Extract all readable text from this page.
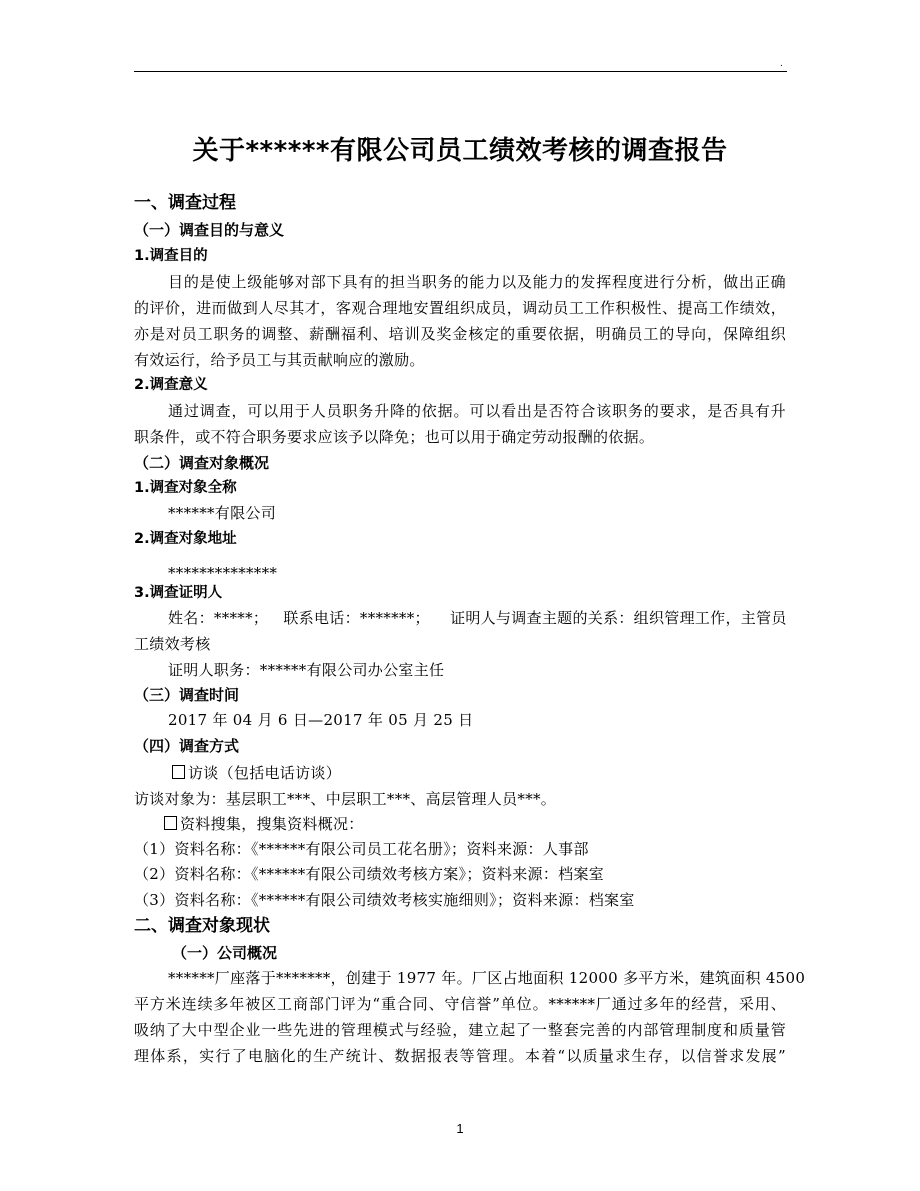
.
关于******有限公司员工绩效考核的调查报告
一、调查过程
（一）调查目的与意义
1.调查目的
目的是使上级能够对部下具有的担当职务的能力以及能力的发挥程度进行分析，做出正确
的评价，进而做到人尽其才，客观合理地安置组织成员，调动员工工作积极性、提高工作绩效，
亦是对员工职务的调整、薪酬福利、培训及奖金核定的重要依据，明确员工的导向，保障组织
有效运行，给予员工与其贡献响应的激励。
2.调查意义
通过调查，可以用于人员职务升降的依据。可以看出是否符合该职务的要求，是否具有升
职条件，或不符合职务要求应该予以降免；也可以用于确定劳动报酬的依据。
（二）调查对象概况
1.调查对象全称
******有限公司
2.调查对象地址
**************
3.调查证明人
姓名：*****；   联系电话：*******；    证明人与调查主题的关系：组织管理工作，主管员
工绩效考核
证明人职务：******有限公司办公室主任
（三）调查时间
2017 年 04 月 6 日—2017 年 05 月 25 日
（四）调查方式
访谈（包括电话访谈）
访谈对象为：基层职工***、中层职工***、高层管理人员***。
资料搜集，搜集资料概况：
（1）资料名称：《******有限公司员工花名册》；资料来源：人事部
（2）资料名称：《******有限公司绩效考核方案》；资料来源：档案室
（3）资料名称：《******有限公司绩效考核实施细则》；资料来源：档案室
二、调查对象现状
（一）公司概况
******厂座落于*******，创建于 1977 年。厂区占地面积 12000 多平方米，建筑面积 4500
平方米连续多年被区工商部门评为“重合同、守信誉”单位。******厂通过多年的经营，采用、
吸纳了大中型企业一些先进的管理模式与经验，建立起了一整套完善的内部管理制度和质量管
理体系，实行了电脑化的生产统计、数据报表等管理。本着“以质量求生存，以信誉求发展”
1
